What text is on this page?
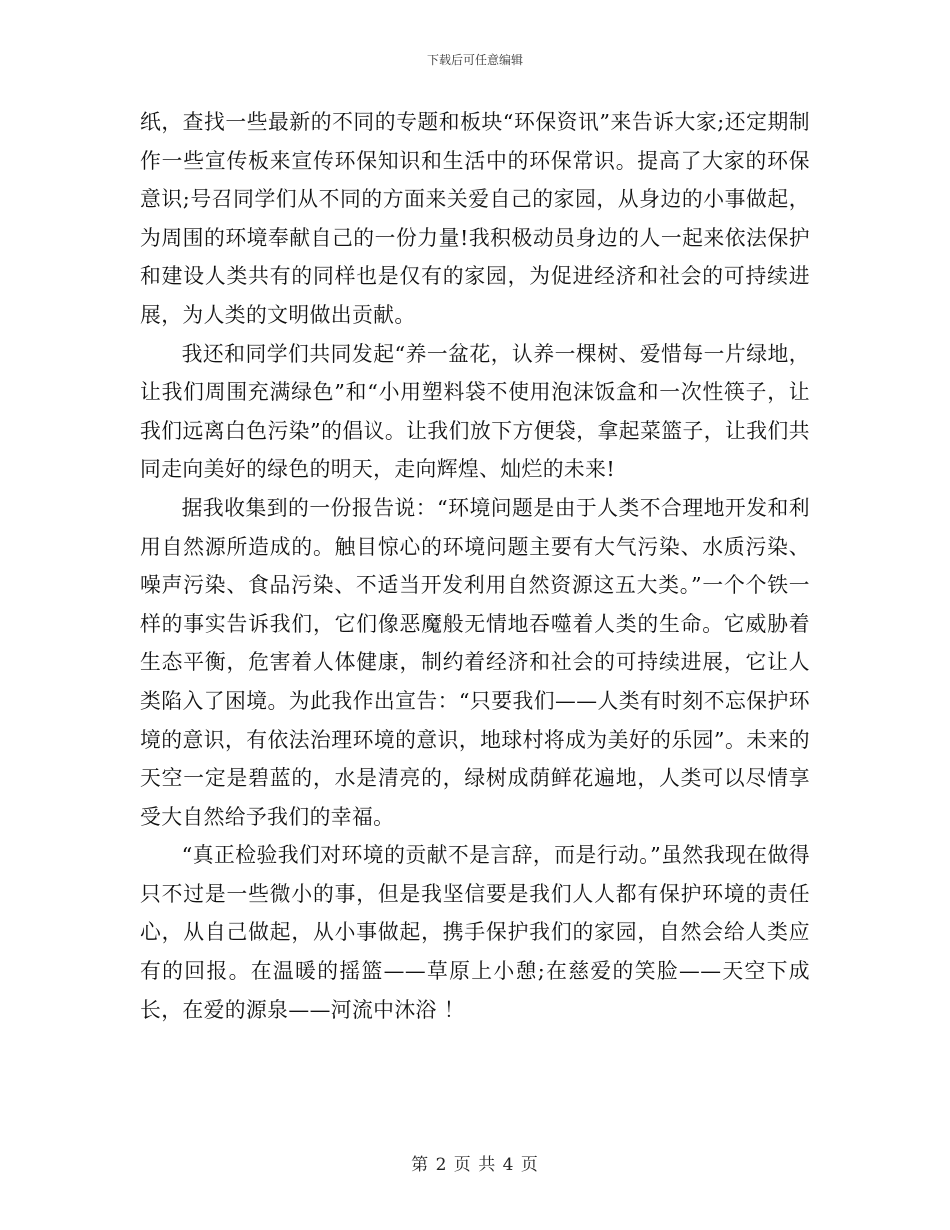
下载后可任意编辑

纸，查找一些最新的不同的专题和板块“环保资讯”来告诉大家;还定期制作一些宣传板来宣传环保知识和生活中的环保常识。提高了大家的环保意识;号召同学们从不同的方面来关爱自己的家园，从身边的小事做起，为周围的环境奉献自己的一份力量!我积极动员身边的人一起来依法保护和建设人类共有的同样也是仅有的家园，为促进经济和社会的可持续进展，为人类的文明做出贡献。

我还和同学们共同发起“养一盆花，认养一棵树、爱惜每一片绿地，让我们周围充满绿色”和“小用塑料袋不使用泡沫饭盒和一次性筷子，让我们远离白色污染”的倡议。让我们放下方便袋，拿起菜篮子，让我们共同走向美好的绿色的明天，走向辉煌、灿烂的未来!

据我收集到的一份报告说：“环境问题是由于人类不合理地开发和利用自然源所造成的。触目惊心的环境问题主要有大气污染、水质污染、噪声污染、食品污染、不适当开发利用自然资源这五大类。”一个个铁一样的事实告诉我们，它们像恶魔般无情地吞噬着人类的生命。它威胁着生态平衡，危害着人体健康，制约着经济和社会的可持续进展，它让人类陷入了困境。为此我作出宣告：“只要我们——人类有时刻不忘保护环境的意识，有依法治理环境的意识，地球村将成为美好的乐园”。未来的天空一定是碧蓝的，水是清亮的，绿树成荫鲜花遍地，人类可以尽情享受大自然给予我们的幸福。

“真正检验我们对环境的贡献不是言辞，而是行动。”虽然我现在做得只不过是一些微小的事，但是我坚信要是我们人人都有保护环境的责任心，从自己做起，从小事做起，携手保护我们的家园，自然会给人类应有的回报。在温暖的摇篮——草原上小憩;在慈爱的笑脸——天空下成长，在爱的源泉——河流中沐浴 ！

第 2 页 共 4 页
